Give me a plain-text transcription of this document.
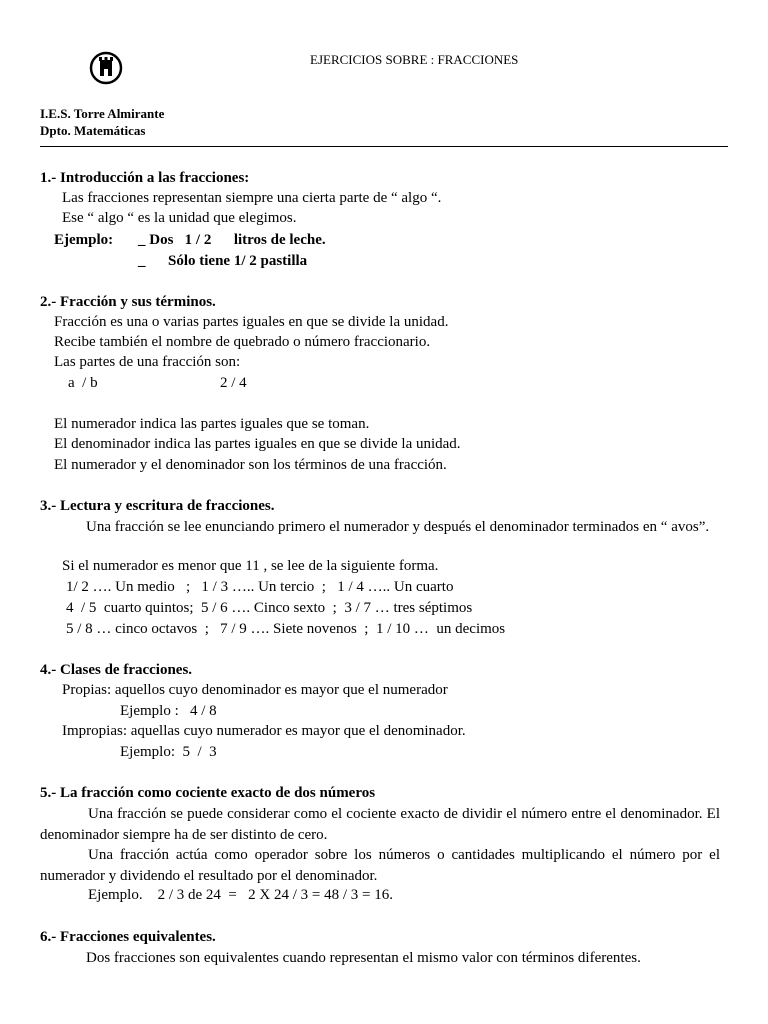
EJERCICIOS SOBRE : FRACCIONES
I.E.S. Torre Almirante
Dpto. Matemáticas
1.- Introducción a las fracciones:
Las fracciones representan siempre una cierta parte de “ algo “.
Ese “ algo “ es la unidad que elegimos.
Ejemplo: _ Dos   1 / 2      litros de leche.
_      Sólo tiene 1/ 2 pastilla
2.- Fracción y sus términos.
Fracción es una o varias partes iguales en que se divide la unidad.
Recibe también el nombre de quebrado o número fraccionario.
Las partes de una fracción son:
a  / b	2 / 4
El numerador indica las partes iguales que se toman.
El denominador indica las partes iguales en que se divide la unidad.
El numerador y el denominador son los términos de una fracción.
3.- Lectura y escritura de fracciones.
Una fracción se lee enunciando primero el numerador y después el denominador terminados en “ avos”.
Si el numerador es menor que 11 , se lee de la siguiente forma.
1/ 2 …. Un medio   ;   1 / 3 ….. Un tercio  ;   1 / 4 ….. Un cuarto
4  / 5  cuarto quintos;  5 / 6 …. Cinco sexto  ;  3 / 7 … tres séptimos
5 / 8 … cinco octavos  ;   7 / 9 …. Siete novenos  ;  1 / 10 …  un decimos
4.- Clases de fracciones.
Propias: aquellos cuyo denominador es mayor que el numerador
Ejemplo :   4 / 8
Impropias: aquellas cuyo numerador es mayor que el denominador.
Ejemplo:  5  /  3
5.- La fracción como cociente exacto de dos números
Una fracción se puede considerar como el cociente exacto de dividir el número entre el denominador. El denominador siempre ha de ser distinto de cero.
Una fracción actúa como operador sobre los números o cantidades multiplicando el número por el numerador y dividendo el resultado por el denominador.
Ejemplo.    2 / 3 de 24  =   2 X 24 / 3 = 48 / 3 = 16.
6.- Fracciones equivalentes.
Dos fracciones son equivalentes cuando representan el mismo valor con términos diferentes.
